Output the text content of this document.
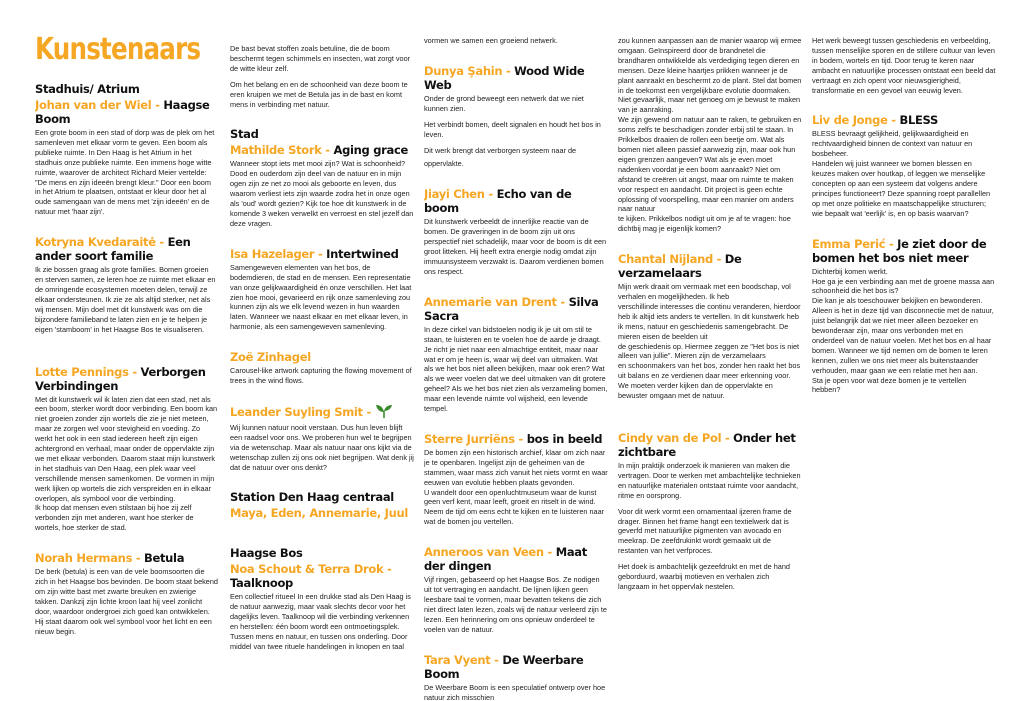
Kunstenaars
Stadhuis/ Atrium
Johan van der Wiel - Haagse Boom
Een grote boom in een stad of dorp was de plek om het samenleven met elkaar vorm te geven. Een boom als publieke ruimte. In Den Haag is het Atrium in het stadhuis onze publieke ruimte. Een immens hoge witte ruimte, waarover de architect Richard Meier vertelde: "De mens en zijn ideeën brengt kleur." Door een boom in het Atrium te plaatsen, ontstaat er kleur door het al oude samengaan van de mens met 'zijn ideeën' en de natuur met 'haar zijn'.
Kotryna Kvedaraitė - Een ander soort familie
Ik zie bossen graag als grote families. Bomen groeien en sterven samen, ze leren hoe ze ruimte met elkaar en de omringende ecosystemen moeten delen, terwijl ze elkaar ondersteunen. Ik zie ze als altijd sterker, net als wij mensen. Mijn doel met dit kunstwerk was om die bijzondere familieband te laten zien en je te helpen je eigen 'stamboom' in het Haagse Bos te visualiseren.
Lotte Pennings - Verborgen Verbindingen
Met dit kunstwerk wil ik laten zien dat een stad, net als een boom, sterker wordt door verbinding. Een boom kan niet groeien zonder zijn wortels die zie je niet meteen, maar ze zorgen wel voor stevigheid en voeding. Zo werkt het ook in een stad iedereen heeft zijn eigen achtergrond en verhaal, maar onder de oppervlakte zijn we met elkaar verbonden. Daarom staat mijn kunstwerk in het stadhuis van Den Haag, een plek waar veel verschillende mensen samenkomen. De vormen in mijn werk lijken op wortels die zich verspreiden en in elkaar overlopen, als symbool voor die verbinding.
Ik hoop dat mensen even stilstaan bij hoe zij zelf verbonden zijn met anderen, want hoe sterker de wortels, hoe sterker de stad.
Norah Hermans - Betula
De berk (betula) is een van de vele boomsoorten die zich in het Haagse bos bevinden. De boom staat bekend om zijn witte bast met zwarte breuken en zwierige takken. Dankzij zijn lichte kroon laat hij veel zonlicht door, waardoor ondergroei zich goed kan ontwikkelen. Hij staat daarom ook wel symbool voor het licht en een nieuw begin.
De bast bevat stoffen zoals betuline, die de boom beschermt tegen schimmels en insecten, wat zorgt voor de witte kleur zelf.
Om het belang en en de schoonheid van deze boom te eren kruipen we met de Betula jas in de bast en komt mens in verbinding met natuur.
Stad
Mathilde Stork - Aging grace
Wanneer stopt iets met mooi zijn? Wat is schoonheid? Dood en ouderdom zijn deel van de natuur en in mijn ogen zijn ze net zo mooi als geboorte en leven, dus waarom verliest iets zijn waarde zodra het in onze ogen als 'oud' wordt gezien? Kijk toe hoe dit kunstwerk in de komende 3 weken verwelkt en verroest en stel jezelf dan deze vragen.
Isa Hazelager - Intertwined
Samengeweven elementen van het bos, de bodemdieren, de stad en de mensen. Een representatie van onze gelijkwaardigheid én onze verschillen. Het laat zien hoe mooi, gevarieerd en rijk onze samenleving zou kunnen zijn als we elk levend wezen in hun waarden laten. Wanneer we naast elkaar en met elkaar leven, in harmonie, als een samengeweven samenleving.
Zoë Zinhagel
Carousel-like artwork capturing the flowing movement of trees in the wind flows.
Leander Suyling Smit -
Wij kunnen natuur nooit verstaan. Dus hun leven blijft een raadsel voor ons. We proberen hun wel te begrijpen via de wetenschap. Maar als natuur naar ons kijkt via de wetenschap zullen zij ons ook niet begrijpen. Wat denk jij dat de natuur over ons denkt?
Station Den Haag centraal
Maya, Eden, Annemarie, Juul
Haagse Bos
Noa Schout & Terra Drok - Taalknoop
Een collectief ritueel In een drukke stad als Den Haag is de natuur aanwezig, maar vaak slechts decor voor het dagelijks leven. Taalknoop wil die verbinding verkennen en herstellen: één boom wordt een ontmoetingsplek. Tussen mens en natuur, en tussen ons onderling. Door middel van twee rituele handelingen in knopen en taal
vormen we samen een groeiend netwerk.
Dunya Şahin - Wood Wide Web
Onder de grond beweegt een netwerk dat we niet kunnen zien.
Het verbindt bomen, deelt signalen en houdt het bos in leven.
Dit werk brengt dat verborgen systeem naar de
oppervlakte.
Jiayi Chen - Echo van de boom
Dit kunstwerk verbeeldt de innerlijke reactie van de bomen. De graveringen in de boom zijn uit ons perspectief niet schadelijk, maar voor de boom is dit een groot litteken. Hij heeft extra energie nodig omdat zijn immuunsysteem verzwakt is. Daarom verdienen bomen ons respect.
Annemarie van Drent - Silva Sacra
In deze cirkel van bidstoelen nodig ik je uit om stil te staan, te luisteren en te voelen hoe de aarde je draagt. Je richt je niet naar een almachtige entiteit, maar naar wat er om je heen is, waar wij deel van uitmaken. Wat als we het bos niet alleen bekijken, maar ook eren? Wat als we weer voelen dat we deel uitmaken van dit grotere geheel? Als we het bos niet zien als verzameling bomen, maar een levende ruimte vol wijsheid, een levende tempel.
Sterre Jurriëns - bos in beeld
De bomen zijn een historisch archief, klaar om zich naar je te openbaren. Ingelijst zijn de geheimen van de stammen, waar mass zich vanuit het niets vormt en waar eeuwen van evolutie hebben plaats gevonden.
U wandelt door een openluchtmuseum waar de kunst geen verf kent, maar leeft, groeit en ritselt in de wind. Neem de tijd om eens echt te kijken en te luisteren naar wat de bomen jou vertellen.
Anneroos van Veen - Maat der dingen
Vijf ringen, gebaseerd op het Haagse Bos. Ze nodigen uit tot vertraging en aandacht. De lijnen lijken geen leesbare taal te vormen, maar bevatten tekens die zich niet direct laten lezen, zoals wij de natuur verleerd zijn te lezen. Een herinnering om ons opnieuw onderdeel te voelen van de natuur.
Tara Vyent - De Weerbare Boom
De Weerbare Boom is een speculatief ontwerp over hoe natuur zich misschien
zou kunnen aanpassen aan de manier waarop wij ermee omgaan. Geïnspireerd door de brandnetel die brandharen ontwikkelde als verdediging tegen dieren en mensen. Deze kleine haartjes prikken wanneer je de plant aanraakt en beschermt zo de plant. Stel dat bomen in de toekomst een vergelijkbare evolutie doormaken. Niet gevaarlijk, maar net genoeg om je bewust te maken van je aanraking.
We zijn gewend om natuur aan te raken, te gebruiken en soms zelfs te beschadigen zonder erbij stil te staan. In Prikkelbos draaien de rollen een beetje om. Wat als bomen niet alleen passief aanwezig zijn, maar ook hun eigen grenzen aangeven? Wat als je even moet nadenken voordat je een boom aanraakt? Niet om afstand te creëren uit angst, maar om ruimte te maken voor respect en aandacht. Dit project is geen echte oplossing of voorspelling, maar een manier om anders naar natuur
te kijken. Prikkelbos nodigt uit om je af te vragen: hoe dichtbij mag je eigenlijk komen?
Chantal Nijland - De verzamelaars
Mijn werk draait om vermaak met een boodschap, vol verhalen en mogelijkheden. Ik heb
verschillinde interesses die continu veranderen, hierdoor heb ik altijd iets anders te vertellen. In dit kunstwerk heb ik mens, natuur en geschiedenis samengebracht. De mieren eisen de beelden uit
de geschiedenis op. Hiermee zeggen ze "Het bos is niet alleen van jullie". Mieren zijn de verzamelaars
en schoonmakers van het bos, zonder hen raakt het bos uit balans en ze verdienen daar meer erkenning voor. We moeten verder kijken dan de oppervlakte en bewuster omgaan met de natuur.
Cindy van de Pol - Onder het zichtbare
In mijn praktijk onderzoek ik manieren van maken die vertragen. Door te werken met ambachtelijke technieken en natuurlijke materialen ontstaat ruimte voor aandacht, ritme en oorsprong.
Voor dit werk vormt een ornamentaal ijzeren frame de drager. Binnen het frame hangt een textielwerk dat is geverfd met natuurlijke pigmenten van avocado en meekrap. De zeefdrukinkt wordt gemaakt uit de restanten van het verfproces.
Het doek is ambachtelijk gezeefdrukt en met de hand geborduurd, waarbij motieven en verhalen zich langzaam in het oppervlak nestelen.
Het werk beweegt tussen geschiedenis en verbeelding, tussen menselijke sporen en de stillere cultuur van leven in bodem, wortels en tijd. Door terug te keren naar ambacht en natuurlijke processen ontstaat een beeld dat vertraagt en zich opent voor nieuwsgierigheid, transformatie en een gevoel van eeuwig leven.
Liv de Jonge - BLESS
BLESS bevraagt gelijkheid, gelijkwaardigheid en rechtvaardigheid binnen de context van natuur en bosbeheer.
Handelen wij juist wanneer we bomen blessen en keuzes maken over houtkap, of leggen we menselijke concepten op aan een systeem dat volgens andere principes functioneert? Deze spanning roept parallellen op met onze politieke en maatschappelijke structuren; wie bepaalt wat 'eerlijk' is, en op basis waarvan?
Emma Perić - Je ziet door de bomen het bos niet meer
Dichterbij komen werkt.
Hoe ga je een verbinding aan met de groene massa aan schoonheid die het bos is?
Die kan je als toeschouwer bekijken en bewonderen. Alleen is het in deze tijd van disconnectie met de natuur, juist belangrijk dat we niet meer alleen bezoeker en bewonderaar zijn, maar ons verbonden met en onderdeel van de natuur voelen. Met het bos en al haar bomen. Wanneer we tijd nemen om de bomen te leren kennen, zullen we ons niet meer als buitenstaander verhouden, maar gaan we een relatie met hen aan.
Sta je open voor wat deze bomen je te vertellen hebben?
